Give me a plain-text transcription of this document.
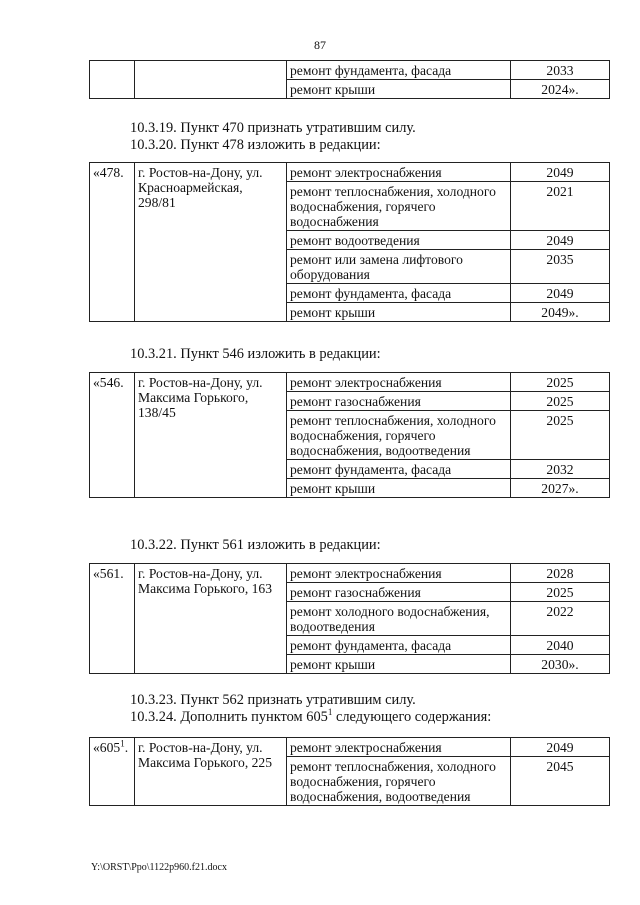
87
		ремонт фундамента, фасада	2033
		ремонт крыши	2024».

10.3.19. Пункт 470 признать утратившим силу.

10.3.20. Пункт 478 изложить в редакции:

«478.	г. Ростов-на-Дону, ул. Красноармейская, 298/81	ремонт электроснабжения	2049
		ремонт теплоснабжения, холодного водоснабжения, горячего водоснабжения	2021
		ремонт водоотведения	2049
		ремонт или замена лифтового оборудования	2035
		ремонт фундамента, фасада	2049
		ремонт крыши	2049».

10.3.21. Пункт 546 изложить в редакции:

«546.	г. Ростов-на-Дону, ул. Максима Горького, 138/45	ремонт электроснабжения	2025
		ремонт газоснабжения	2025
		ремонт теплоснабжения, холодного водоснабжения, горячего водоснабжения, водоотведения	2025
		ремонт фундамента, фасада	2032
		ремонт крыши	2027».

10.3.22. Пункт 561 изложить в редакции:

«561.	г. Ростов-на-Дону, ул. Максима Горького, 163	ремонт электроснабжения	2028
		ремонт газоснабжения	2025
		ремонт холодного водоснабжения, водоотведения	2022
		ремонт фундамента, фасада	2040
		ремонт крыши	2030».

10.3.23. Пункт 562 признать утратившим силу.

10.3.24. Дополнить пунктом $605^1$ следующего содержания:

«$605^1$.	г. Ростов-на-Дону, ул. Максима Горького, 225	ремонт электроснабжения	2049
		ремонт теплоснабжения, холодного водоснабжения, горячего водоснабжения, водоотведения	2045
Y:\ORST\Ppo\1122p960.f21.docx
